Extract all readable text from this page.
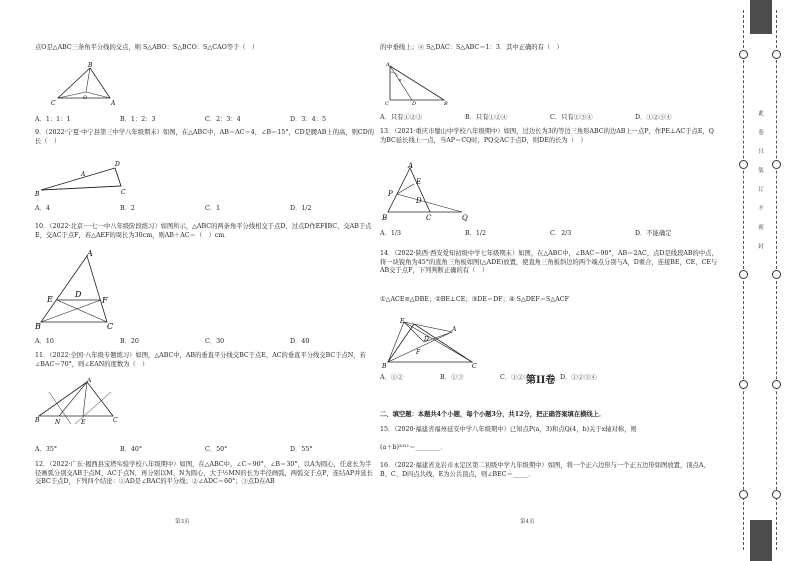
点O是△ABC三条角平分线的交点，则 S△ABO：S△BCO：S△CAO等于（　）
B
C	A
O
A．1：1：1	B．1：2：3	C．2：3：4	D．3：4：5
9．（2022·宁夏·中宁县第三中学八年级期末）如图，在△ABC中，AB＝AC＝4，∠B＝15°，CD是腰AB上的高，则CD的长（　）
D
B
A
C
A．4	B．2	C．1	D．1/2
10．（2022·北京·一七一中八年级阶段练习）如图所示，△ABC的两条角平分线相交于点D，过点D作EF∥BC，交AB于点E，交AC于点F，若△AEF的周长为30cm，则AB＋AC＝（　）cm．
A
E
D
F
B	C
A．10	B．20	C．30	D．40
11．（2022·全国·八年级专题练习）如图，△ABC中，AB的垂直平分线交BC于点E，AC的垂直平分线交BC于点N，若∠BAC＝70°，则∠EAN的度数为（　）
A
B	N	E	C
A．35°	B．40°	C．50°	D．55°
12．（2022·广东·揭西县宝塔实验学校八年级期中）如图，在△ABC中，∠C＝90°，∠B＝30°，以A为圆心，任意长为半径画弧分别交AB于点M、AC于点N，再分别以M、N为圆心，大于½MN的长为半径画弧，两弧交于点P，连结AP并延长交BC于点D，下列四个结论：①AD是∠BAC的平分线；②∠ADC＝60°；③点D在AB
第3页
的中垂线上；④ S△DAC：S△ABC＝1：3．其中正确的有（　）
A
C	D	B
A．只有①②③	B．只有①②④	C．只有①③④	D．①②③④
13．（2021·重庆市璧山中学校八年级期中）如图，过边长为3的等边三角形ABC的边AB上一点P，作PE⊥AC于点E，Q为BC延长线上一点，当AP＝CQ时，PQ交AC于点D，则DE的长为（　）
A
E
P
D
B	C	Q
A．1/3	B．1/2	C．2/3	D．不能确定
14．（2022·陕西·西安爱知初级中学七年级期末）如图，在△ABC中，∠BAC＝90°，AB＝2AC，点D是线段AB的中点，将一块锐角为45°的直角三角板如图(△ADE)放置，使直角三角板斜边的两个端点分别与A，D重合，连接BE，CE，CE与AB交于点F，下列判断正确的有（　）
①△ACE≌△DBE；②BE⊥CE；③DE＝DF；④ S△DEF＝S△ACF
E
A
D
F
B	C
A．①②	B．①③	C．①②③	D．①②③④
第II卷
二、填空题：本题共4个小题，每个小题3分，共12分，把正确答案填在横线上．
15．（2020·福建省福州延安中学八年级期中）已知点P(a，3)和点Q(4，b)关于x轴对称，则
(a＋b)²⁰²¹＝________．
16．（2022·福建省龙岩市永定区第二初级中学九年级期中）如图，将一个正六边形与一个正五边形如图放置，顶点A、B、C、D四点共线，E为公共顶点，则∠BEC＝_____．
第4页
此　卷　只　装　订　不　密　封
